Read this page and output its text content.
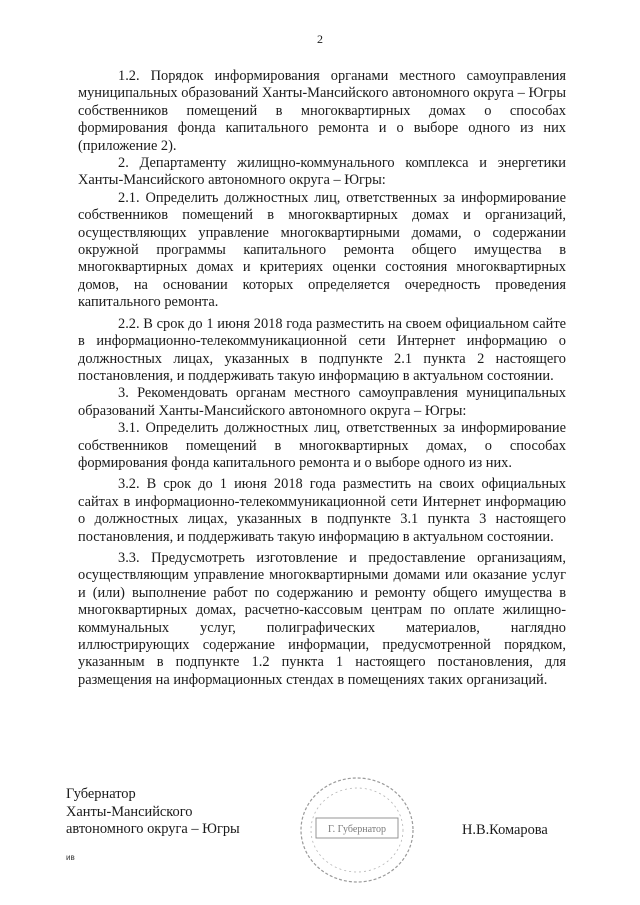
2

1.2. Порядок информирования органами местного самоуправления муниципальных образований Ханты-Мансийского автономного округа – Югры собственников помещений в многоквартирных домах о способах формирования фонда капитального ремонта и о выборе одного из них (приложение 2).

2. Департаменту жилищно-коммунального комплекса и энергетики Ханты-Мансийского автономного округа – Югры:

2.1. Определить должностных лиц, ответственных за информирование собственников помещений в многоквартирных домах и организаций, осуществляющих управление многоквартирными домами, о содержании окружной программы капитального ремонта общего имущества в многоквартирных домах и критериях оценки состояния многоквартирных домов, на основании которых определяется очередность проведения капитального ремонта.

2.2. В срок до 1 июня 2018 года разместить на своем официальном сайте в информационно-телекоммуникационной сети Интернет информацию о должностных лицах, указанных в подпункте 2.1 пункта 2 настоящего постановления, и поддерживать такую информацию в актуальном состоянии.

3. Рекомендовать органам местного самоуправления муниципальных образований Ханты-Мансийского автономного округа – Югры:

3.1. Определить должностных лиц, ответственных за информирование собственников помещений в многоквартирных домах, о способах формирования фонда капитального ремонта и о выборе одного из них.

3.2. В срок до 1 июня 2018 года разместить на своих официальных сайтах в информационно-телекоммуникационной сети Интернет информацию о должностных лицах, указанных в подпункте 3.1 пункта 3 настоящего постановления, и поддерживать такую информацию в актуальном состоянии.

3.3. Предусмотреть изготовление и предоставление организациям, осуществляющим управление многоквартирными домами или оказание услуг и (или) выполнение работ по содержанию и ремонту общего имущества в многоквартирных домах, расчетно-кассовым центрам по оплате жилищно-коммунальных услуг, полиграфических материалов, наглядно иллюстрирующих содержание информации, предусмотренной порядком, указанным в подпункте 1.2 пункта 1 настоящего постановления, для размещения на информационных стендах в помещениях таких организаций.

Г. Губернатор
Губернатор
Ханты-Мансийского
автономного округа – Югры	Н.В.Комарова
ив
